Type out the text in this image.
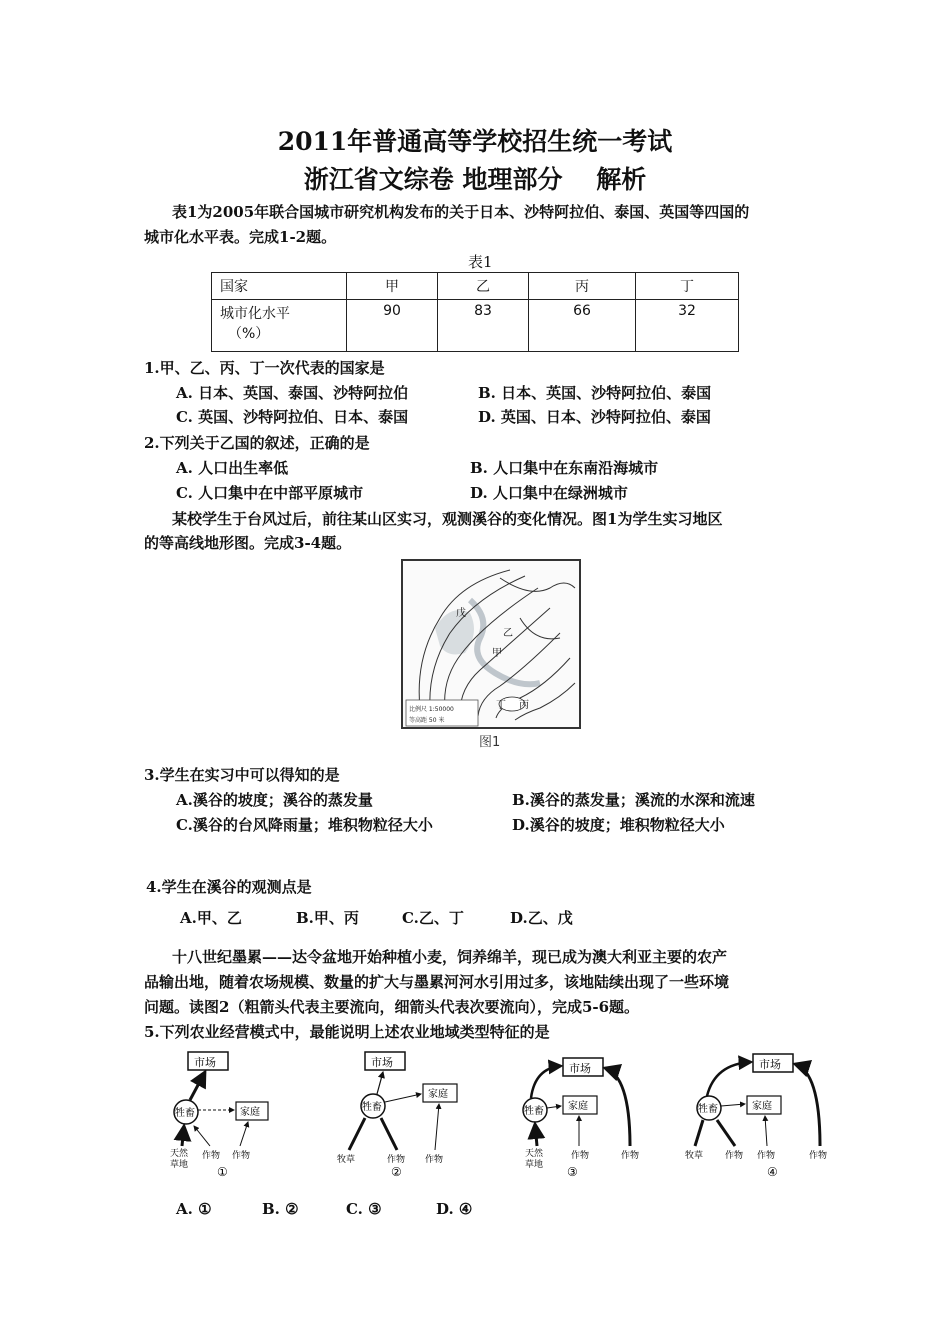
2011年普通高等学校招生统一考试
浙江省文综卷 地理部分　 解析
表1为2005年联合国城市研究机构发布的关于日本、沙特阿拉伯、泰国、英国等四国的
城市化水平表。完成1-2题。
表1
国家	甲	乙	丙	丁

城市化水平
（%）	90	83	66	32
1.甲、乙、丙、丁一次代表的国家是
A. 日本、英国、泰国、沙特阿拉伯	B. 日本、英国、沙特阿拉伯、泰国
C. 英国、沙特阿拉伯、日本、泰国	D. 英国、日本、沙特阿拉伯、泰国
2.下列关于乙国的叙述，正确的是
A. 人口出生率低	B. 人口集中在东南沿海城市
C. 人口集中在中部平原城市	D. 人口集中在绿洲城市
某校学生于台风过后，前往某山区实习，观测溪谷的变化情况。图1为学生实习地区
的等高线地形图。完成3-4题。
比例尺 1:50000
等高距 50 米
戊
乙
甲
丙
丁
图1
3.学生在实习中可以得知的是
A.溪谷的坡度；溪谷的蒸发量	B.溪谷的蒸发量；溪流的水深和流速
C.溪谷的台风降雨量；堆积物粒径大小	D.溪谷的坡度；堆积物粒径大小
4.学生在溪谷的观测点是
A.甲、乙	B.甲、丙	C.乙、丁	D.乙、戊
十八世纪墨累——达令盆地开始种植小麦，饲养绵羊，现已成为澳大利亚主要的农产
品输出地，随着农场规模、数量的扩大与墨累河河水引用过多，该地陆续出现了一些环境
问题。读图2（粗箭头代表主要流向，细箭头代表次要流向），完成5-6题。
5.下列农业经营模式中，最能说明上述农业地域类型特征的是
市场
家庭
牲畜
天然
草地
作物 作物
①
市场
家庭
牲畜
牧草	作物 作物
②
市场
家庭
牲畜
天然
草地
作物	作物
③
市场
家庭
牲畜
牧草 作物 作物	作物
④
A. ①	B. ②	C. ③	D. ④
